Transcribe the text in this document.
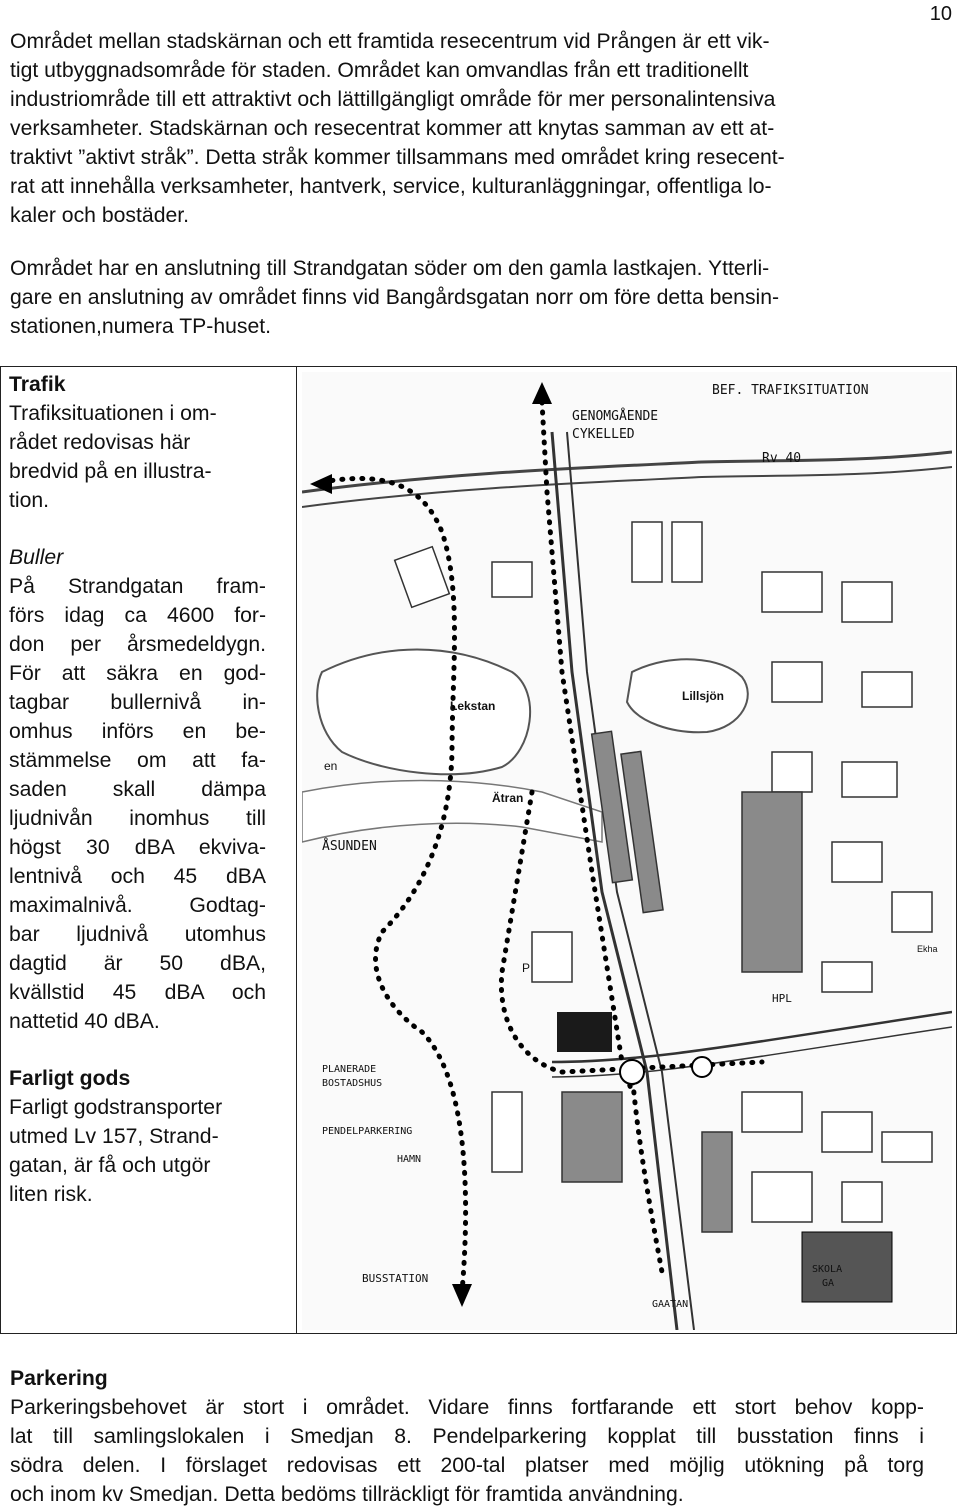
10

Området mellan stadskärnan och ett framtida resecentrum vid Prången är ett vik-
tigt utbyggnadsområde för staden. Området kan omvandlas från ett traditionellt
industriområde till ett attraktivt och lättillgängligt område för mer personalintensiva
verksamheter. Stadskärnan och resecentrat kommer att knytas samman av ett at-
traktivt ”aktivt stråk”. Detta stråk kommer tillsammans med området kring resecent-
rat att innehålla verksamheter, hantverk, service, kulturanläggningar, offentliga lo-
kaler och bostäder.

Området har en anslutning till Strandgatan söder om den gamla lastkajen. Ytterli-
gare en anslutning av området finns vid Bangårdsgatan norr om före detta bensin-
stationen,numera TP-huset.

Trafik

Trafiksituationen i om-
rådet redovisas här
bredvid på en illustra-
tion.

Buller

På Strandgatan fram-
förs idag ca 4600 for-
don per årsmedeldygn.
För att säkra en god-
tagbar bullernivå in-
omhus införs en be-
stämmelse om att fa-
saden skall dämpa
ljudnivån inomhus till
högst 30 dBA ekviva-
lentnivå och 45 dBA
maximalnivå. Godtag-
bar ljudnivå utomhus
dagtid är 50 dBA,
kvällstid 45 dBA och
nattetid 40 dBA.

Farligt gods

Farligt godstransporter
utmed Lv 157, Strand-
gatan, är få och utgör
liten risk.

BEF. TRAFIKSITUATION
GENOMGÅENDE
CYKELLED
Rv 40
ÅSUNDEN
PLANERADE
BOSTADSHUS
PENDELPARKERING
HAMN
BUSSTATION
GAATAN
SKOLA
GA
HPL
Lekstan
Lillsjön
en
Ätran
Ekha
P

Parkering

Parkeringsbehovet är stort i området. Vidare finns fortfarande ett stort behov kopp-
lat till samlingslokalen i Smedjan 8. Pendelparkering kopplat till busstation finns i
södra delen. I förslaget redovisas ett 200-tal platser med möjlig utökning på torg
och inom kv Smedjan. Detta bedöms tillräckligt för framtida användning.
